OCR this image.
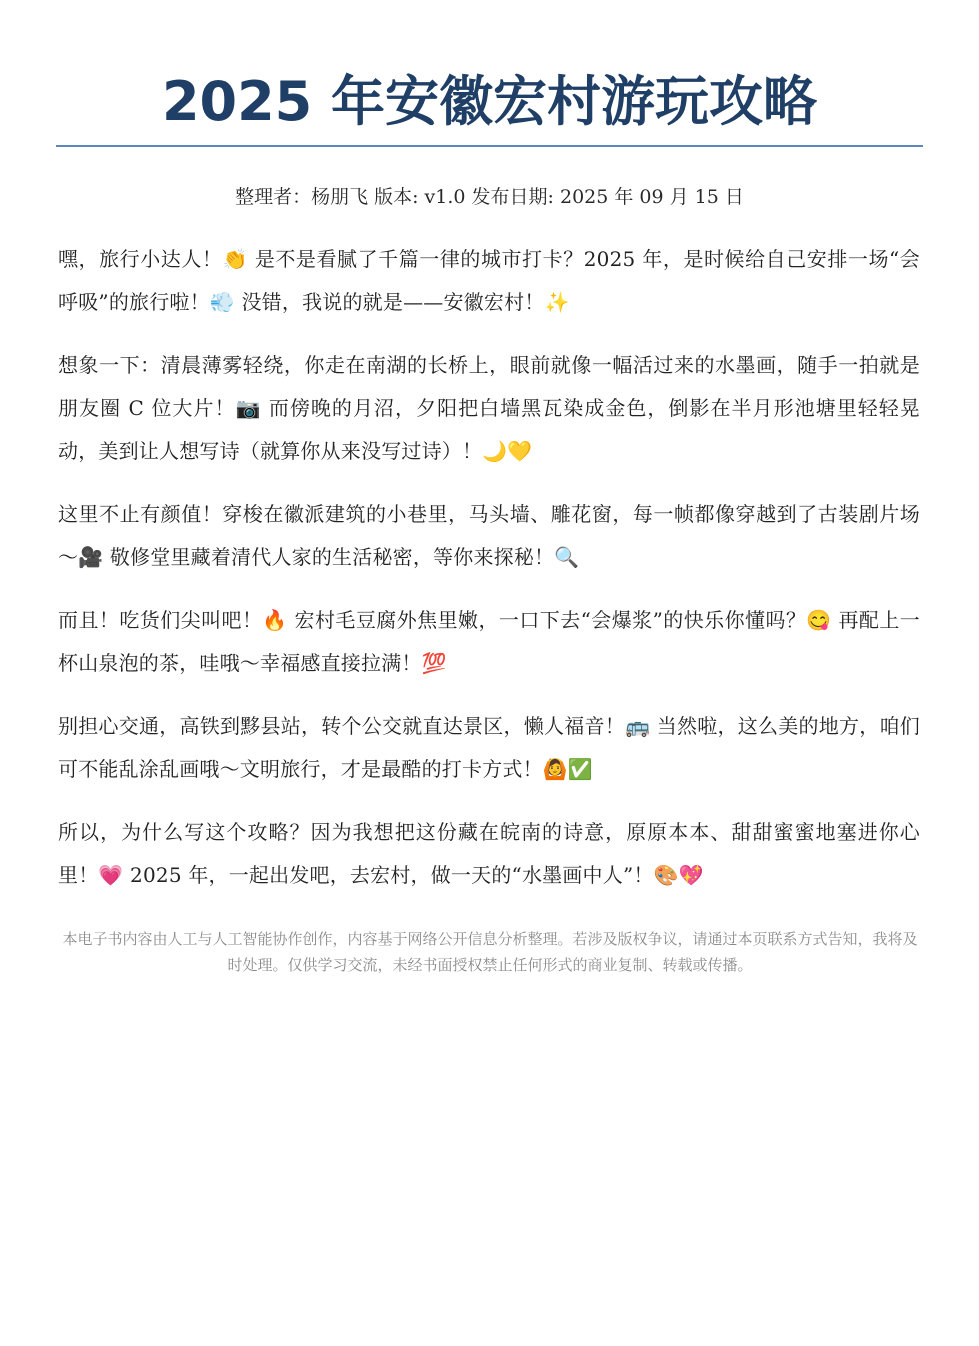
2025 年安徽宏村游玩攻略
整理者：杨朋飞 版本: v1.0 发布日期: 2025 年 09 月 15 日

嘿，旅行小达人！👏 是不是看腻了千篇一律的城市打卡？2025 年，是时候给自己安排一场“会呼吸”的旅行啦！💨 没错，我说的就是——安徽宏村！✨

想象一下：清晨薄雾轻绕，你走在南湖的长桥上，眼前就像一幅活过来的水墨画，随手一拍就是朋友圈 C 位大片！📷 而傍晚的月沼，夕阳把白墙黑瓦染成金色，倒影在半月形池塘里轻轻晃动，美到让人想写诗（就算你从来没写过诗）！🌙💛

这里不止有颜值！穿梭在徽派建筑的小巷里，马头墙、雕花窗，每一帧都像穿越到了古装剧片场～🎥 敬修堂里藏着清代人家的生活秘密，等你来探秘！🔍

而且！吃货们尖叫吧！🔥 宏村毛豆腐外焦里嫩，一口下去“会爆浆”的快乐你懂吗？😋 再配上一杯山泉泡的茶，哇哦～幸福感直接拉满！💯

别担心交通，高铁到黟县站，转个公交就直达景区，懒人福音！🚌 当然啦，这么美的地方，咱们可不能乱涂乱画哦～文明旅行，才是最酷的打卡方式！🙆✅

所以，为什么写这个攻略？因为我想把这份藏在皖南的诗意，原原本本、甜甜蜜蜜地塞进你心里！💗 2025 年，一起出发吧，去宏村，做一天的“水墨画中人”！🎨💖

本电子书内容由人工与人工智能协作创作，内容基于网络公开信息分析整理。若涉及版权争议，请通过本页联系方式告知，我将及时处理。仅供学习交流，未经书面授权禁止任何形式的商业复制、转载或传播。
